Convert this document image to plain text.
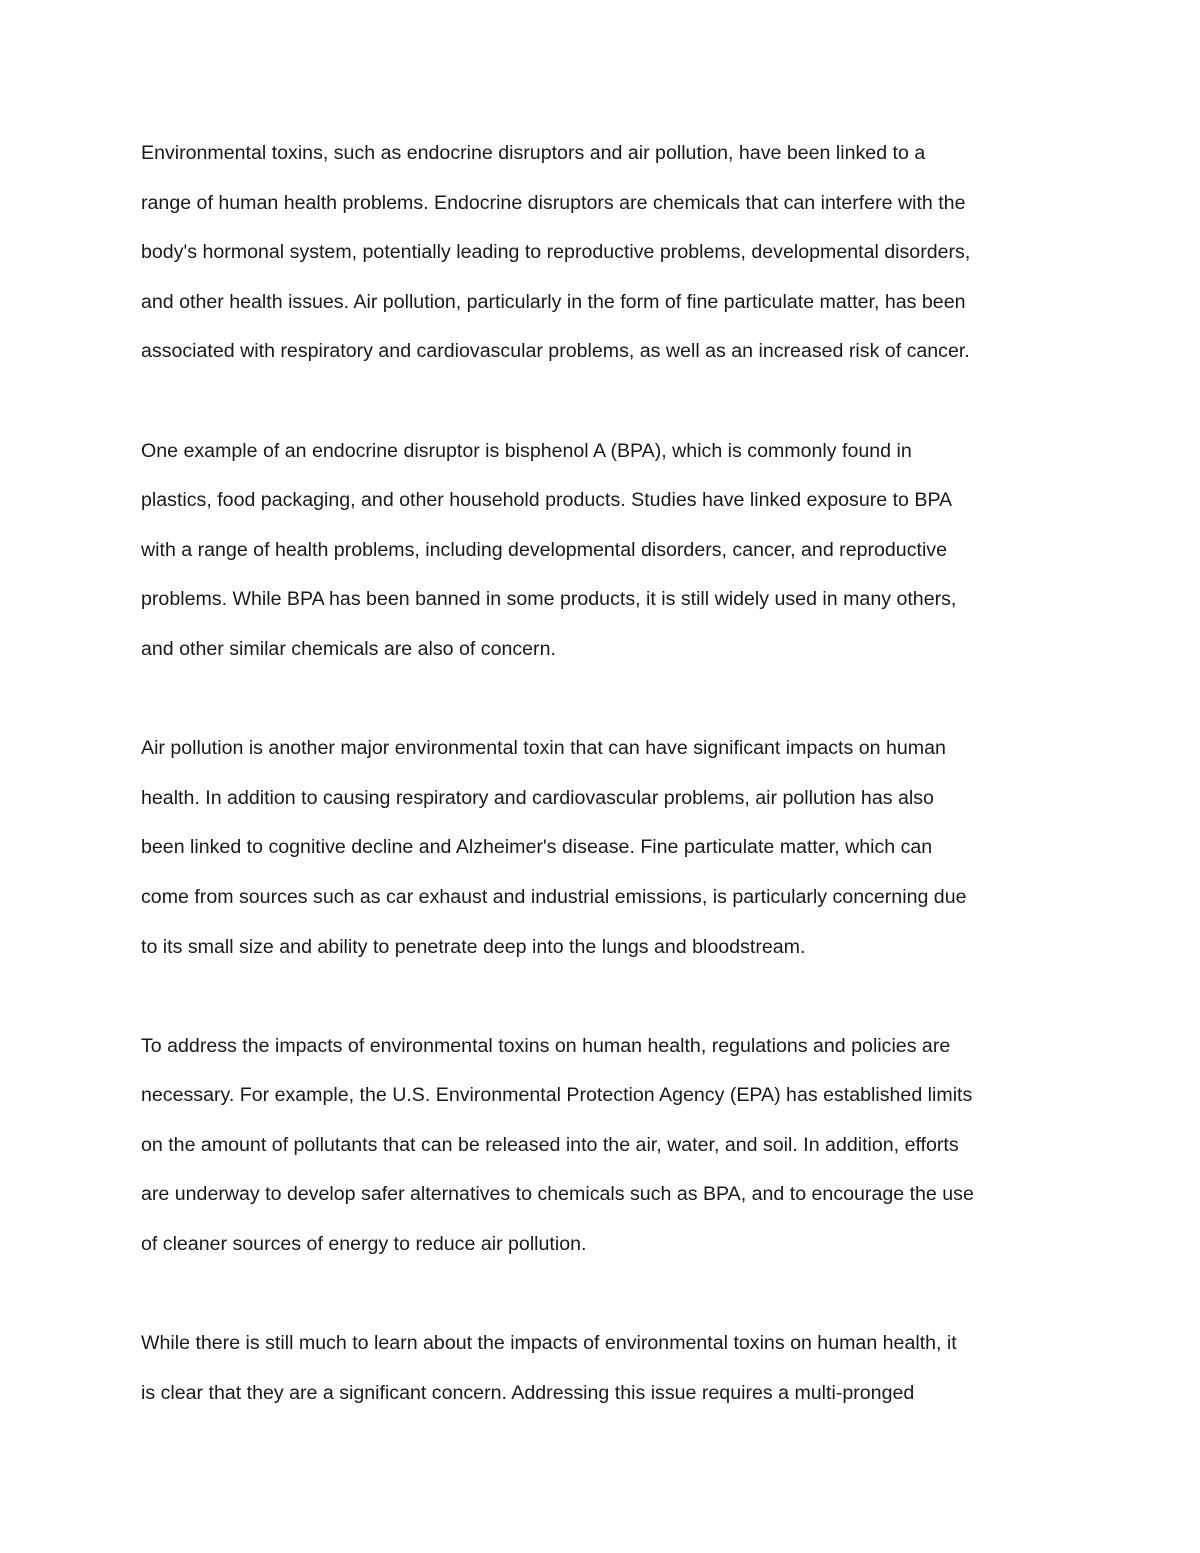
Environmental toxins, such as endocrine disruptors and air pollution, have been linked to a
range of human health problems. Endocrine disruptors are chemicals that can interfere with the
body's hormonal system, potentially leading to reproductive problems, developmental disorders,
and other health issues. Air pollution, particularly in the form of fine particulate matter, has been
associated with respiratory and cardiovascular problems, as well as an increased risk of cancer.
One example of an endocrine disruptor is bisphenol A (BPA), which is commonly found in
plastics, food packaging, and other household products. Studies have linked exposure to BPA
with a range of health problems, including developmental disorders, cancer, and reproductive
problems. While BPA has been banned in some products, it is still widely used in many others,
and other similar chemicals are also of concern.
Air pollution is another major environmental toxin that can have significant impacts on human
health. In addition to causing respiratory and cardiovascular problems, air pollution has also
been linked to cognitive decline and Alzheimer's disease. Fine particulate matter, which can
come from sources such as car exhaust and industrial emissions, is particularly concerning due
to its small size and ability to penetrate deep into the lungs and bloodstream.
To address the impacts of environmental toxins on human health, regulations and policies are
necessary. For example, the U.S. Environmental Protection Agency (EPA) has established limits
on the amount of pollutants that can be released into the air, water, and soil. In addition, efforts
are underway to develop safer alternatives to chemicals such as BPA, and to encourage the use
of cleaner sources of energy to reduce air pollution.
While there is still much to learn about the impacts of environmental toxins on human health, it
is clear that they are a significant concern. Addressing this issue requires a multi-pronged
